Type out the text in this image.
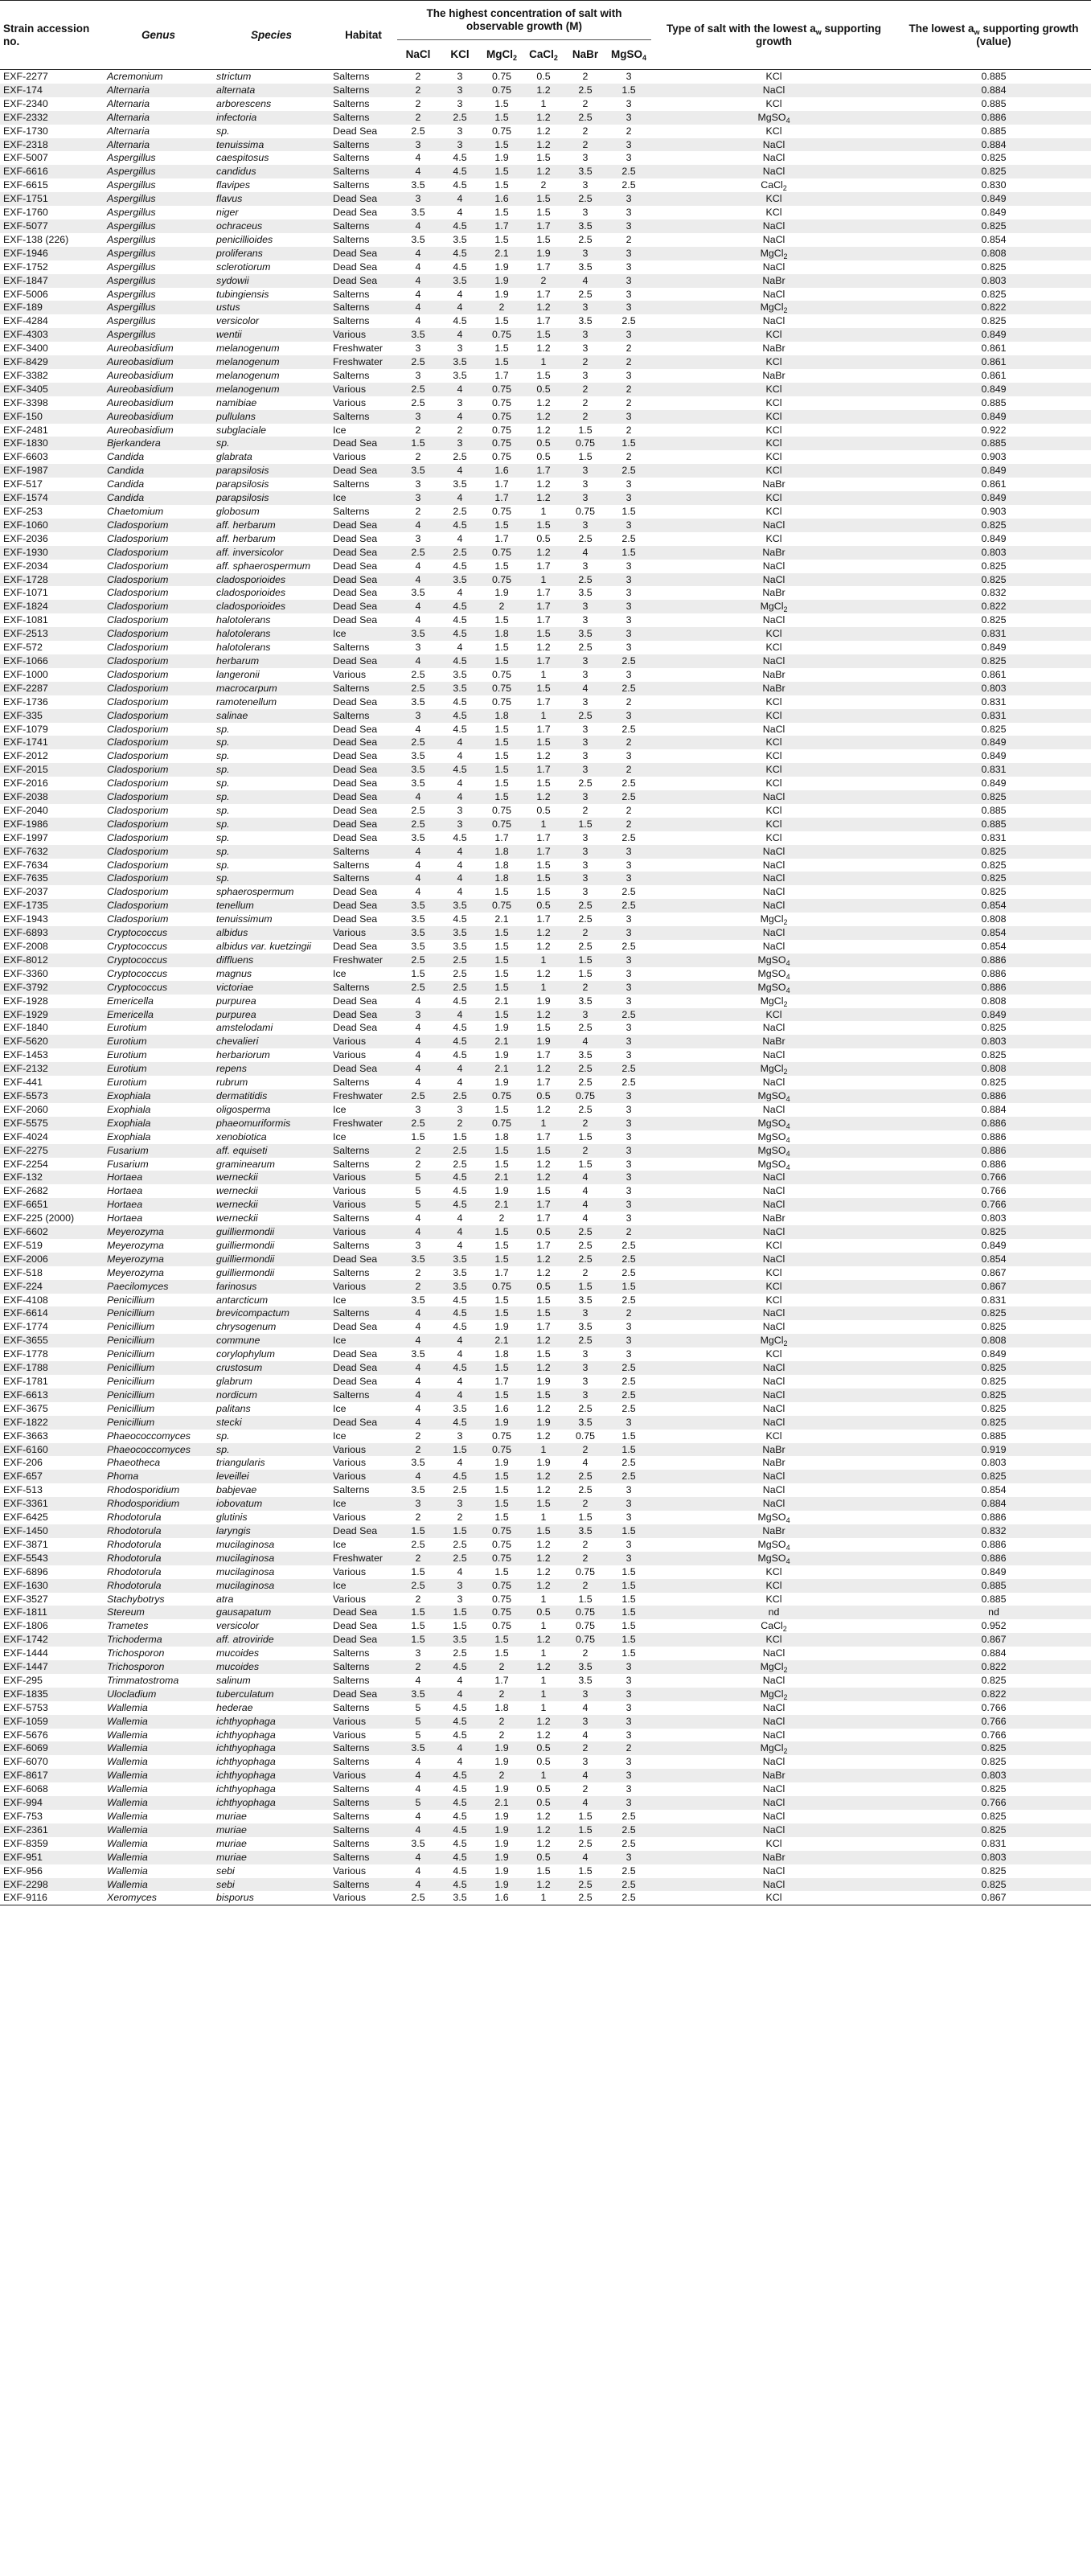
Strain accession no.	Genus	Species	Habitat	The highest concentration of salt with observable growth (M)						Type of salt with the lowest $a_w$ supporting growth	The lowest $a_w$ supporting growth (value)
				NaCl	KCl	MgCl$_2$	CaCl$_2$	NaBr	MgSO$_4$
EXF-2277	Acremonium	strictum	Salterns	2	3	0.75	0.5	2	3	KCl	0.885
EXF-174	Alternaria	alternata	Salterns	2	3	0.75	1.2	2.5	1.5	NaCl	0.884
EXF-2340	Alternaria	arborescens	Salterns	2	3	1.5	1	2	3	KCl	0.885
EXF-2332	Alternaria	infectoria	Salterns	2	2.5	1.5	1.2	2.5	3	MgSO$_4$	0.886
EXF-1730	Alternaria	sp.	Dead Sea	2.5	3	0.75	1.2	2	2	KCl	0.885
EXF-2318	Alternaria	tenuissima	Salterns	3	3	1.5	1.2	2	3	NaCl	0.884
EXF-5007	Aspergillus	caespitosus	Salterns	4	4.5	1.9	1.5	3	3	NaCl	0.825
EXF-6616	Aspergillus	candidus	Salterns	4	4.5	1.5	1.2	3.5	2.5	NaCl	0.825
EXF-6615	Aspergillus	flavipes	Salterns	3.5	4.5	1.5	2	3	2.5	CaCl$_2$	0.830
EXF-1751	Aspergillus	flavus	Dead Sea	3	4	1.6	1.5	2.5	3	KCl	0.849
EXF-1760	Aspergillus	niger	Dead Sea	3.5	4	1.5	1.5	3	3	KCl	0.849
EXF-5077	Aspergillus	ochraceus	Salterns	4	4.5	1.7	1.7	3.5	3	NaCl	0.825
EXF-138 (226)	Aspergillus	penicillioides	Salterns	3.5	3.5	1.5	1.5	2.5	2	NaCl	0.854
EXF-1946	Aspergillus	proliferans	Dead Sea	4	4.5	2.1	1.9	3	3	MgCl$_2$	0.808
EXF-1752	Aspergillus	sclerotiorum	Dead Sea	4	4.5	1.9	1.7	3.5	3	NaCl	0.825
EXF-1847	Aspergillus	sydowii	Dead Sea	4	3.5	1.9	2	4	3	NaBr	0.803
EXF-5006	Aspergillus	tubingiensis	Salterns	4	4	1.9	1.7	2.5	3	NaCl	0.825
EXF-189	Aspergillus	ustus	Salterns	4	4	2	1.2	3	3	MgCl$_2$	0.822
EXF-4284	Aspergillus	versicolor	Salterns	4	4.5	1.5	1.7	3.5	2.5	NaCl	0.825
EXF-4303	Aspergillus	wentii	Various	3.5	4	0.75	1.5	3	3	KCl	0.849
EXF-3400	Aureobasidium	melanogenum	Freshwater	3	3	1.5	1.2	3	2	NaBr	0.861
EXF-8429	Aureobasidium	melanogenum	Freshwater	2.5	3.5	1.5	1	2	2	KCl	0.861
EXF-3382	Aureobasidium	melanogenum	Salterns	3	3.5	1.7	1.5	3	3	NaBr	0.861
EXF-3405	Aureobasidium	melanogenum	Various	2.5	4	0.75	0.5	2	2	KCl	0.849
EXF-3398	Aureobasidium	namibiae	Various	2.5	3	0.75	1.2	2	2	KCl	0.885
EXF-150	Aureobasidium	pullulans	Salterns	3	4	0.75	1.2	2	3	KCl	0.849
EXF-2481	Aureobasidium	subglaciale	Ice	2	2	0.75	1.2	1.5	2	KCl	0.922
EXF-1830	Bjerkandera	sp.	Dead Sea	1.5	3	0.75	0.5	0.75	1.5	KCl	0.885
EXF-6603	Candida	glabrata	Various	2	2.5	0.75	0.5	1.5	2	KCl	0.903
EXF-1987	Candida	parapsilosis	Dead Sea	3.5	4	1.6	1.7	3	2.5	KCl	0.849
EXF-517	Candida	parapsilosis	Salterns	3	3.5	1.7	1.2	3	3	NaBr	0.861
EXF-1574	Candida	parapsilosis	Ice	3	4	1.7	1.2	3	3	KCl	0.849
EXF-253	Chaetomium	globosum	Salterns	2	2.5	0.75	1	0.75	1.5	KCl	0.903
EXF-1060	Cladosporium	aff. herbarum	Dead Sea	4	4.5	1.5	1.5	3	3	NaCl	0.825
EXF-2036	Cladosporium	aff. herbarum	Dead Sea	3	4	1.7	0.5	2.5	2.5	KCl	0.849
EXF-1930	Cladosporium	aff. inversicolor	Dead Sea	2.5	2.5	0.75	1.2	4	1.5	NaBr	0.803
EXF-2034	Cladosporium	aff. sphaerospermum	Dead Sea	4	4.5	1.5	1.7	3	3	NaCl	0.825
EXF-1728	Cladosporium	cladosporioides	Dead Sea	4	3.5	0.75	1	2.5	3	NaCl	0.825
EXF-1071	Cladosporium	cladosporioides	Dead Sea	3.5	4	1.9	1.7	3.5	3	NaBr	0.832
EXF-1824	Cladosporium	cladosporioides	Dead Sea	4	4.5	2	1.7	3	3	MgCl$_2$	0.822
EXF-1081	Cladosporium	halotolerans	Dead Sea	4	4.5	1.5	1.7	3	3	NaCl	0.825
EXF-2513	Cladosporium	halotolerans	Ice	3.5	4.5	1.8	1.5	3.5	3	KCl	0.831
EXF-572	Cladosporium	halotolerans	Salterns	3	4	1.5	1.2	2.5	3	KCl	0.849
EXF-1066	Cladosporium	herbarum	Dead Sea	4	4.5	1.5	1.7	3	2.5	NaCl	0.825
EXF-1000	Cladosporium	langeronii	Various	2.5	3.5	0.75	1	3	3	NaBr	0.861
EXF-2287	Cladosporium	macrocarpum	Salterns	2.5	3.5	0.75	1.5	4	2.5	NaBr	0.803
EXF-1736	Cladosporium	ramotenellum	Dead Sea	3.5	4.5	0.75	1.7	3	2	KCl	0.831
EXF-335	Cladosporium	salinae	Salterns	3	4.5	1.8	1	2.5	3	KCl	0.831
EXF-1079	Cladosporium	sp.	Dead Sea	4	4.5	1.5	1.7	3	2.5	NaCl	0.825
EXF-1741	Cladosporium	sp.	Dead Sea	2.5	4	1.5	1.5	3	2	KCl	0.849
EXF-2012	Cladosporium	sp.	Dead Sea	3.5	4	1.5	1.2	3	3	KCl	0.849
EXF-2015	Cladosporium	sp.	Dead Sea	3.5	4.5	1.5	1.7	3	2	KCl	0.831
EXF-2016	Cladosporium	sp.	Dead Sea	3.5	4	1.5	1.5	2.5	2.5	KCl	0.849
EXF-2038	Cladosporium	sp.	Dead Sea	4	4	1.5	1.2	3	2.5	NaCl	0.825
EXF-2040	Cladosporium	sp.	Dead Sea	2.5	3	0.75	0.5	2	2	KCl	0.885
EXF-1986	Cladosporium	sp.	Dead Sea	2.5	3	0.75	1	1.5	2	KCl	0.885
EXF-1997	Cladosporium	sp.	Dead Sea	3.5	4.5	1.7	1.7	3	2.5	KCl	0.831
EXF-7632	Cladosporium	sp.	Salterns	4	4	1.8	1.7	3	3	NaCl	0.825
EXF-7634	Cladosporium	sp.	Salterns	4	4	1.8	1.5	3	3	NaCl	0.825
EXF-7635	Cladosporium	sp.	Salterns	4	4	1.8	1.5	3	3	NaCl	0.825
EXF-2037	Cladosporium	sphaerospermum	Dead Sea	4	4	1.5	1.5	3	2.5	NaCl	0.825
EXF-1735	Cladosporium	tenellum	Dead Sea	3.5	3.5	0.75	0.5	2.5	2.5	NaCl	0.854
EXF-1943	Cladosporium	tenuissimum	Dead Sea	3.5	4.5	2.1	1.7	2.5	3	MgCl$_2$	0.808
EXF-6893	Cryptococcus	albidus	Various	3.5	3.5	1.5	1.2	2	3	NaCl	0.854
EXF-2008	Cryptococcus	albidus var. kuetzingii	Dead Sea	3.5	3.5	1.5	1.2	2.5	2.5	NaCl	0.854
EXF-8012	Cryptococcus	diffluens	Freshwater	2.5	2.5	1.5	1	1.5	3	MgSO$_4$	0.886
EXF-3360	Cryptococcus	magnus	Ice	1.5	2.5	1.5	1.2	1.5	3	MgSO$_4$	0.886
EXF-3792	Cryptococcus	victoriae	Salterns	2.5	2.5	1.5	1	2	3	MgSO$_4$	0.886
EXF-1928	Emericella	purpurea	Dead Sea	4	4.5	2.1	1.9	3.5	3	MgCl$_2$	0.808
EXF-1929	Emericella	purpurea	Dead Sea	3	4	1.5	1.2	3	2.5	KCl	0.849
EXF-1840	Eurotium	amstelodami	Dead Sea	4	4.5	1.9	1.5	2.5	3	NaCl	0.825
EXF-5620	Eurotium	chevalieri	Various	4	4.5	2.1	1.9	4	3	NaBr	0.803
EXF-1453	Eurotium	herbariorum	Various	4	4.5	1.9	1.7	3.5	3	NaCl	0.825
EXF-2132	Eurotium	repens	Dead Sea	4	4	2.1	1.2	2.5	2.5	MgCl$_2$	0.808
EXF-441	Eurotium	rubrum	Salterns	4	4	1.9	1.7	2.5	2.5	NaCl	0.825
EXF-5573	Exophiala	dermatitidis	Freshwater	2.5	2.5	0.75	0.5	0.75	3	MgSO$_4$	0.886
EXF-2060	Exophiala	oligosperma	Ice	3	3	1.5	1.2	2.5	3	NaCl	0.884
EXF-5575	Exophiala	phaeomuriformis	Freshwater	2.5	2	0.75	1	2	3	MgSO$_4$	0.886
EXF-4024	Exophiala	xenobiotica	Ice	1.5	1.5	1.8	1.7	1.5	3	MgSO$_4$	0.886
EXF-2275	Fusarium	aff. equiseti	Salterns	2	2.5	1.5	1.5	2	3	MgSO$_4$	0.886
EXF-2254	Fusarium	graminearum	Salterns	2	2.5	1.5	1.2	1.5	3	MgSO$_4$	0.886
EXF-132	Hortaea	werneckii	Various	5	4.5	2.1	1.2	4	3	NaCl	0.766
EXF-2682	Hortaea	werneckii	Various	5	4.5	1.9	1.5	4	3	NaCl	0.766
EXF-6651	Hortaea	werneckii	Various	5	4.5	2.1	1.7	4	3	NaCl	0.766
EXF-225 (2000)	Hortaea	werneckii	Salterns	4	4	2	1.7	4	3	NaBr	0.803
EXF-6602	Meyerozyma	guilliermondii	Various	4	4	1.5	0.5	2.5	2	NaCl	0.825
EXF-519	Meyerozyma	guilliermondii	Salterns	3	4	1.5	1.7	2.5	2.5	KCl	0.849
EXF-2006	Meyerozyma	guilliermondii	Dead Sea	3.5	3.5	1.5	1.2	2.5	2.5	NaCl	0.854
EXF-518	Meyerozyma	guilliermondii	Salterns	2	3.5	1.7	1.2	2	2.5	KCl	0.867
EXF-224	Paecilomyces	farinosus	Various	2	3.5	0.75	0.5	1.5	1.5	KCl	0.867
EXF-4108	Penicillium	antarcticum	Ice	3.5	4.5	1.5	1.5	3.5	2.5	KCl	0.831
EXF-6614	Penicillium	brevicompactum	Salterns	4	4.5	1.5	1.5	3	2	NaCl	0.825
EXF-1774	Penicillium	chrysogenum	Dead Sea	4	4.5	1.9	1.7	3.5	3	NaCl	0.825
EXF-3655	Penicillium	commune	Ice	4	4	2.1	1.2	2.5	3	MgCl$_2$	0.808
EXF-1778	Penicillium	corylophylum	Dead Sea	3.5	4	1.8	1.5	3	3	KCl	0.849
EXF-1788	Penicillium	crustosum	Dead Sea	4	4.5	1.5	1.2	3	2.5	NaCl	0.825
EXF-1781	Penicillium	glabrum	Dead Sea	4	4	1.7	1.9	3	2.5	NaCl	0.825
EXF-6613	Penicillium	nordicum	Salterns	4	4	1.5	1.5	3	2.5	NaCl	0.825
EXF-3675	Penicillium	palitans	Ice	4	3.5	1.6	1.2	2.5	2.5	NaCl	0.825
EXF-1822	Penicillium	stecki	Dead Sea	4	4.5	1.9	1.9	3.5	3	NaCl	0.825
EXF-3663	Phaeococcomyces	sp.	Ice	2	3	0.75	1.2	0.75	1.5	KCl	0.885
EXF-6160	Phaeococcomyces	sp.	Various	2	1.5	0.75	1	2	1.5	NaBr	0.919
EXF-206	Phaeotheca	triangularis	Various	3.5	4	1.9	1.9	4	2.5	NaBr	0.803
EXF-657	Phoma	leveillei	Various	4	4.5	1.5	1.2	2.5	2.5	NaCl	0.825
EXF-513	Rhodosporidium	babjevae	Salterns	3.5	2.5	1.5	1.2	2.5	3	NaCl	0.854
EXF-3361	Rhodosporidium	iobovatum	Ice	3	3	1.5	1.5	2	3	NaCl	0.884
EXF-6425	Rhodotorula	glutinis	Various	2	2	1.5	1	1.5	3	MgSO$_4$	0.886
EXF-1450	Rhodotorula	laryngis	Dead Sea	1.5	1.5	0.75	1.5	3.5	1.5	NaBr	0.832
EXF-3871	Rhodotorula	mucilaginosa	Ice	2.5	2.5	0.75	1.2	2	3	MgSO$_4$	0.886
EXF-5543	Rhodotorula	mucilaginosa	Freshwater	2	2.5	0.75	1.2	2	3	MgSO$_4$	0.886
EXF-6896	Rhodotorula	mucilaginosa	Various	1.5	4	1.5	1.2	0.75	1.5	KCl	0.849
EXF-1630	Rhodotorula	mucilaginosa	Ice	2.5	3	0.75	1.2	2	1.5	KCl	0.885
EXF-3527	Stachybotrys	atra	Various	2	3	0.75	1	1.5	1.5	KCl	0.885
EXF-1811	Stereum	gausapatum	Dead Sea	1.5	1.5	0.75	0.5	0.75	1.5	nd	nd
EXF-1806	Trametes	versicolor	Dead Sea	1.5	1.5	0.75	1	0.75	1.5	CaCl$_2$	0.952
EXF-1742	Trichoderma	aff. atroviride	Dead Sea	1.5	3.5	1.5	1.2	0.75	1.5	KCl	0.867
EXF-1444	Trichosporon	mucoides	Salterns	3	2.5	1.5	1	2	1.5	NaCl	0.884
EXF-1447	Trichosporon	mucoides	Salterns	2	4.5	2	1.2	3.5	3	MgCl$_2$	0.822
EXF-295	Trimmatostroma	salinum	Salterns	4	4	1.7	1	3.5	3	NaCl	0.825
EXF-1835	Ulocladium	tuberculatum	Dead Sea	3.5	4	2	1	3	3	MgCl$_2$	0.822
EXF-5753	Wallemia	hederae	Salterns	5	4.5	1.8	1	4	3	NaCl	0.766
EXF-1059	Wallemia	ichthyophaga	Various	5	4.5	2	1.2	3	3	NaCl	0.766
EXF-5676	Wallemia	ichthyophaga	Various	5	4.5	2	1.2	4	3	NaCl	0.766
EXF-6069	Wallemia	ichthyophaga	Salterns	3.5	4	1.9	0.5	2	2	MgCl$_2$	0.825
EXF-6070	Wallemia	ichthyophaga	Salterns	4	4	1.9	0.5	3	3	NaCl	0.825
EXF-8617	Wallemia	ichthyophaga	Various	4	4.5	2	1	4	3	NaBr	0.803
EXF-6068	Wallemia	ichthyophaga	Salterns	4	4.5	1.9	0.5	2	3	NaCl	0.825
EXF-994	Wallemia	ichthyophaga	Salterns	5	4.5	2.1	0.5	4	3	NaCl	0.766
EXF-753	Wallemia	muriae	Salterns	4	4.5	1.9	1.2	1.5	2.5	NaCl	0.825
EXF-2361	Wallemia	muriae	Salterns	4	4.5	1.9	1.2	1.5	2.5	NaCl	0.825
EXF-8359	Wallemia	muriae	Salterns	3.5	4.5	1.9	1.2	2.5	2.5	KCl	0.831
EXF-951	Wallemia	muriae	Salterns	4	4.5	1.9	0.5	4	3	NaBr	0.803
EXF-956	Wallemia	sebi	Various	4	4.5	1.9	1.5	1.5	2.5	NaCl	0.825
EXF-2298	Wallemia	sebi	Salterns	4	4.5	1.9	1.2	2.5	2.5	NaCl	0.825
EXF-9116	Xeromyces	bisporus	Various	2.5	3.5	1.6	1	2.5	2.5	KCl	0.867
